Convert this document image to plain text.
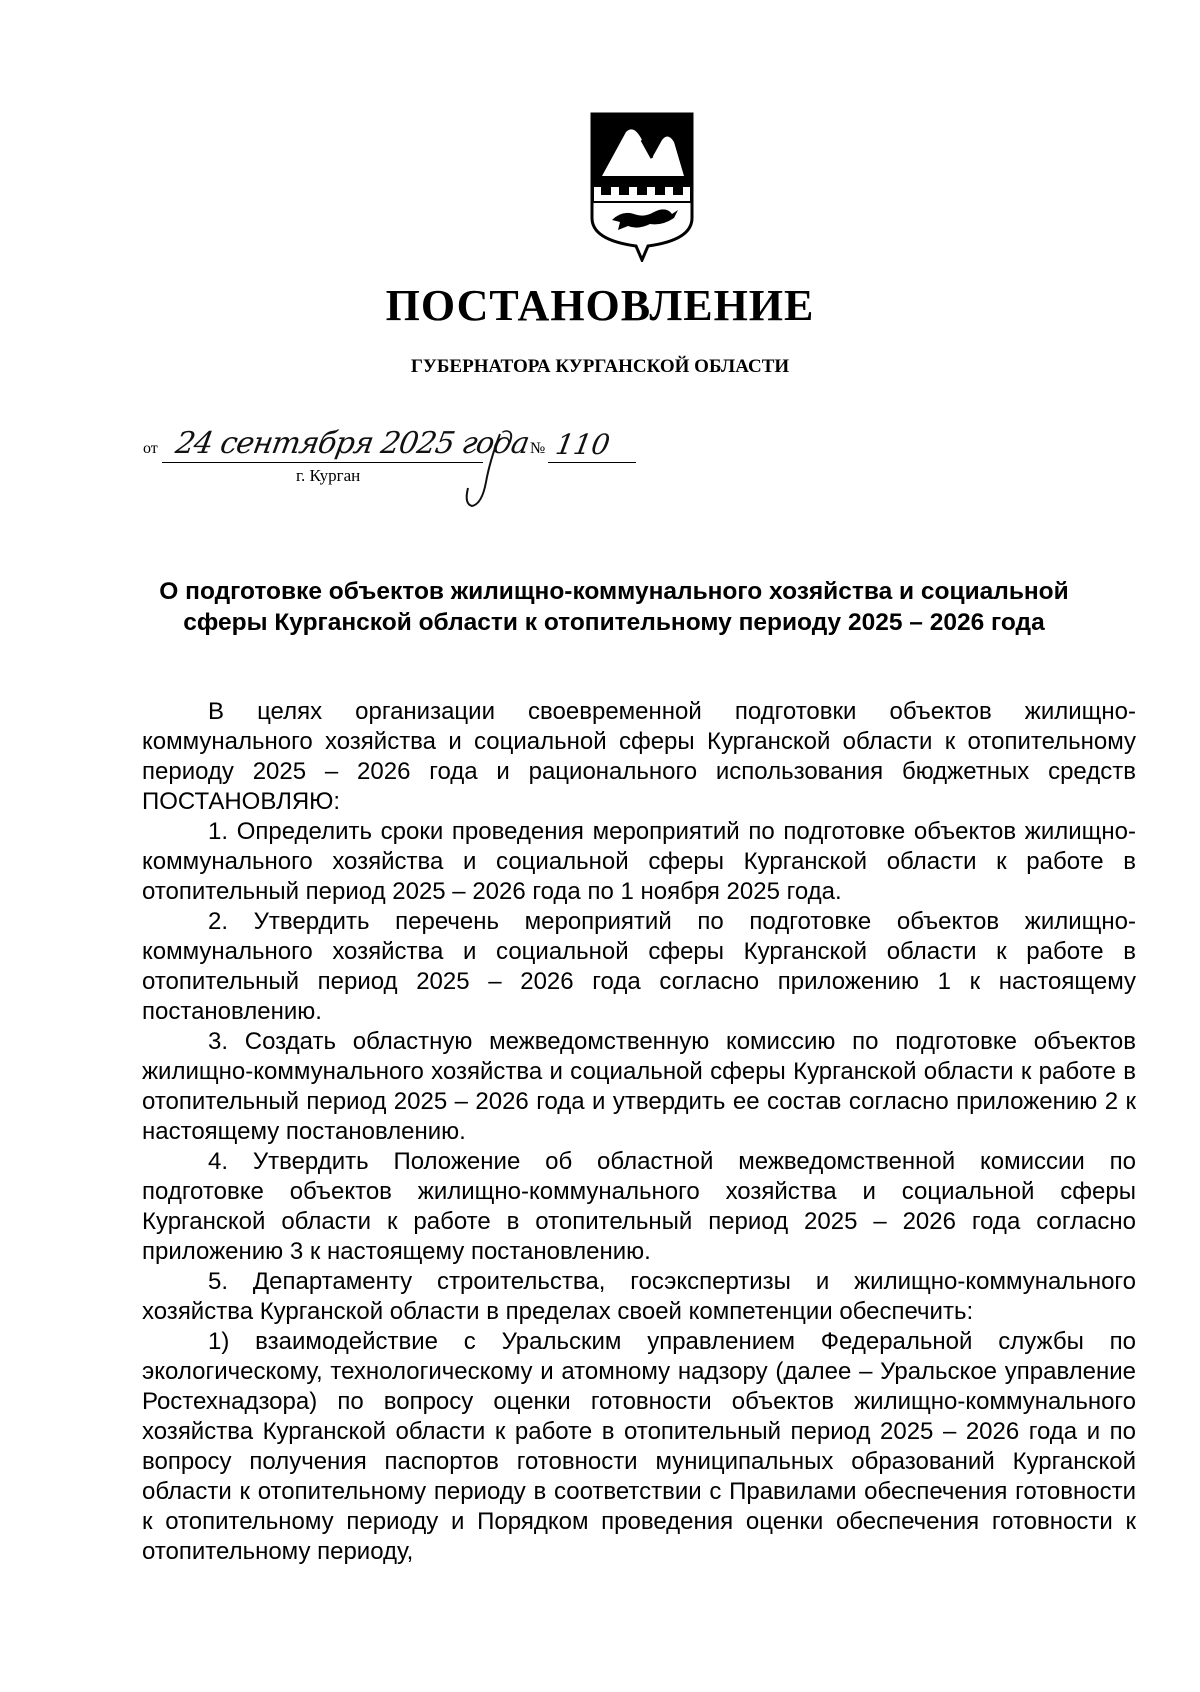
ПОСТАНОВЛЕНИЕ
ГУБЕРНАТОРА КУРГАНСКОЙ ОБЛАСТИ
от 24 сентября 2025 года
№ 110
г. Курган
О подготовке объектов жилищно-коммунального хозяйства и социальной
сферы Курганской области к отопительному периоду 2025 – 2026 года

В целях организации своевременной подготовки объектов жилищно-коммунального хозяйства и социальной сферы Курганской области к отопительному периоду 2025 – 2026 года и рационального использования бюджетных средств ПОСТАНОВЛЯЮ:

1. Определить сроки проведения мероприятий по подготовке объектов жилищно-коммунального хозяйства и социальной сферы Курганской области к работе в отопительный период 2025 – 2026 года по 1 ноября 2025 года.

2. Утвердить перечень мероприятий по подготовке объектов жилищно-коммунального хозяйства и социальной сферы Курганской области к работе в отопительный период 2025 – 2026 года согласно приложению 1 к настоящему постановлению.

3. Создать областную межведомственную комиссию по подготовке объектов жилищно-коммунального хозяйства и социальной сферы Курганской области к работе в отопительный период 2025 – 2026 года и утвердить ее состав согласно приложению 2 к настоящему постановлению.

4. Утвердить Положение об областной межведомственной комиссии по подготовке объектов жилищно-коммунального хозяйства и социальной сферы Курганской области к работе в отопительный период 2025 – 2026 года согласно приложению 3 к настоящему постановлению.

5. Департаменту строительства, госэкспертизы и жилищно-коммунального хозяйства Курганской области в пределах своей компетенции обеспечить:

1) взаимодействие с Уральским управлением Федеральной службы по экологическому, технологическому и атомному надзору (далее – Уральское управление Ростехнадзора) по вопросу оценки готовности объектов жилищно-коммунального хозяйства Курганской области к работе в отопительный период 2025 – 2026 года и по вопросу получения паспортов готовности муниципальных образований Курганской области к отопительному периоду в соответствии с Правилами обеспечения готовности к отопительному периоду и Порядком проведения оценки обеспечения готовности к отопительному периоду,
